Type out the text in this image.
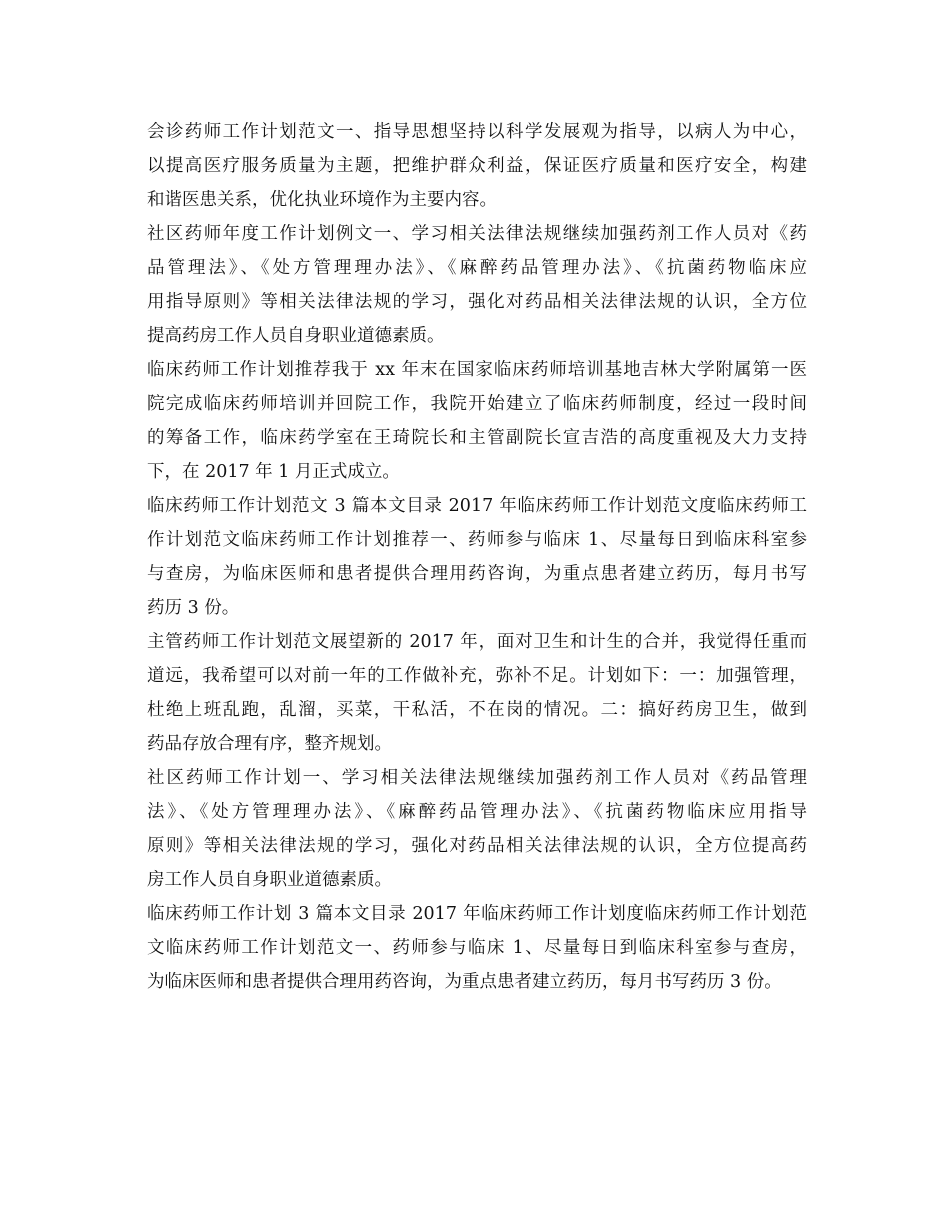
会诊药师工作计划范文一、指导思想坚持以科学发展观为指导，以病人为中心，
以提高医疗服务质量为主题，把维护群众利益，保证医疗质量和医疗安全，构建
和谐医患关系，优化执业环境作为主要内容。
社区药师年度工作计划例文一、学习相关法律法规继续加强药剂工作人员对《药
品管理法》、《处方管理理办法》、《麻醉药品管理办法》、《抗菌药物临床应
用指导原则》等相关法律法规的学习，强化对药品相关法律法规的认识，全方位
提高药房工作人员自身职业道德素质。
临床药师工作计划推荐我于 xx 年末在国家临床药师培训基地吉林大学附属第一医
院完成临床药师培训并回院工作，我院开始建立了临床药师制度，经过一段时间
的筹备工作，临床药学室在王琦院长和主管副院长宣吉浩的高度重视及大力支持
下，在 2017 年 1 月正式成立。
临床药师工作计划范文 3 篇本文目录 2017 年临床药师工作计划范文度临床药师工
作计划范文临床药师工作计划推荐一、药师参与临床 1、尽量每日到临床科室参
与查房，为临床医师和患者提供合理用药咨询，为重点患者建立药历，每月书写
药历 3 份。
主管药师工作计划范文展望新的 2017 年，面对卫生和计生的合并，我觉得任重而
道远，我希望可以对前一年的工作做补充，弥补不足。计划如下：一：加强管理，
杜绝上班乱跑，乱溜，买菜，干私活，不在岗的情况。二：搞好药房卫生，做到
药品存放合理有序，整齐规划。
社区药师工作计划一、学习相关法律法规继续加强药剂工作人员对《药品管理
法》、《处方管理理办法》、《麻醉药品管理办法》、《抗菌药物临床应用指导
原则》等相关法律法规的学习，强化对药品相关法律法规的认识，全方位提高药
房工作人员自身职业道德素质。
临床药师工作计划 3 篇本文目录 2017 年临床药师工作计划度临床药师工作计划范
文临床药师工作计划范文一、药师参与临床 1、尽量每日到临床科室参与查房，
为临床医师和患者提供合理用药咨询，为重点患者建立药历，每月书写药历 3 份。
